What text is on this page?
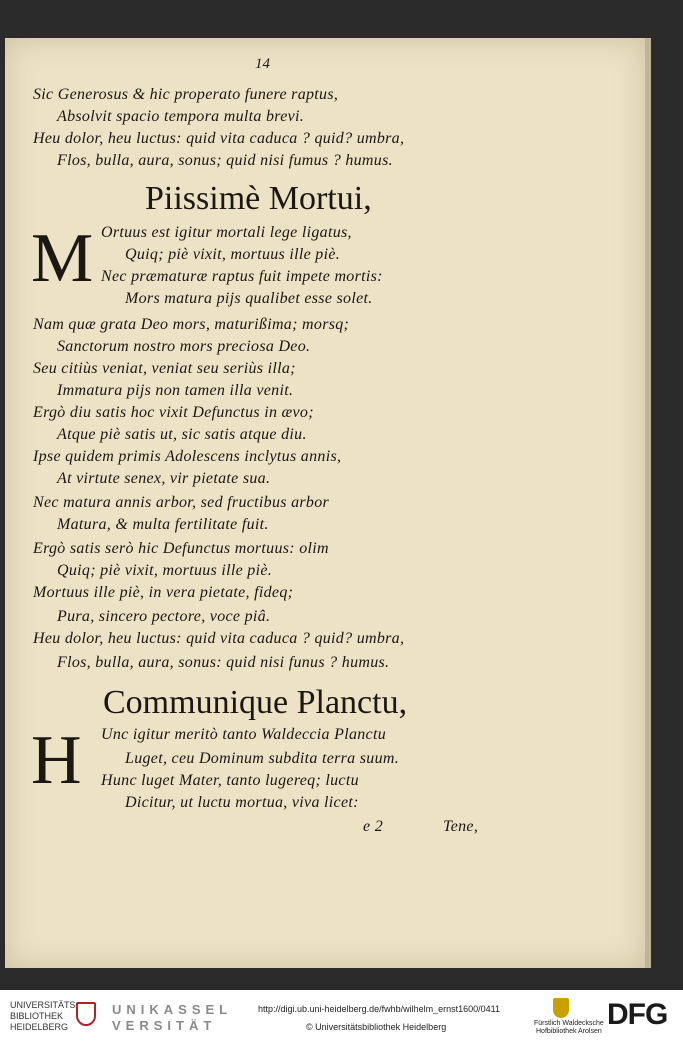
14
Sic Generosus & hic properato funere raptus,
Absolvit spacio tempora multa brevi.
Heu dolor, heu luctus: quid vita caduca ? quid? umbra,
Flos, bulla, aura, sonus; quid nisi fumus ? humus.
Piissimè Mortui,
M Ortuus est igitur mortali lege ligatus,
Quiq; piè vixit, mortuus ille piè.
Nec præmaturæ raptus fuit impete mortis:
Mors matura pijs qualibet esse solet.
Nam quæ grata Deo mors, maturißima; morsq;
Sanctorum nostro mors preciosa Deo.
Seu citiùs veniat, veniat seu seriùs illa;
Immatura pijs non tamen illa venit.
Ergò diu satis hoc vixit Defunctus in ævo;
Atque piè satis ut, sic satis atque diu.
Ipse quidem primis Adolescens inclytus annis,
At virtute senex, vir pietate sua.
Nec matura annis arbor, sed fructibus arbor
Matura, & multa fertilitate fuit.
Ergò satis serò hic Defunctus mortuus: olim
Quiq; piè vixit, mortuus ille piè.
Mortuus ille piè, in vera pietate, fideq;
Pura, sincero pectore, voce piâ.
Heu dolor, heu luctus: quid vita caduca ? quid? umbra,
Flos, bulla, aura, sonus: quid nisi funus ? humus.
Communique Planctu,
H Unc igitur meritò tanto Waldeccia Planctu
Luget, ceu Dominum subdita terra suum.
Hunc luget Mater, tanto lugereq; luctu
Dicitur, ut luctu mortua, viva licet:
e 2	Tene,
UNIVERSITÄTS-
BIBLIOTHEK
HEIDELBERG
UNIKASSEL
VERSITÄT
http://digi.ub.uni-heidelberg.de/fwhb/wilhelm_ernst1600/0411
© Universitätsbibliothek Heidelberg	Fürstlich Waldecksche
Hofbibliothek Arolsen
DFG
